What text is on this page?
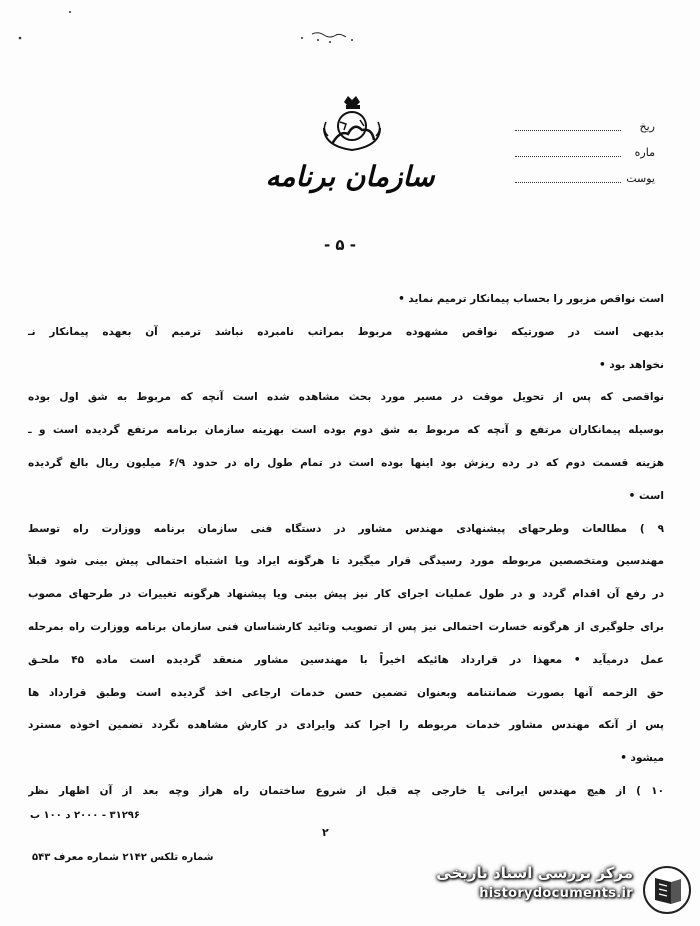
سازمان برنامه
ریخ
ماره
یوست
- ۵ -
است نواقص مزبور را بحساب پیمانکار ترمیم نماید •
بدیهی است در صورتیکه نواقص مشهوده مربوط بمراتب نامبرده نباشد ترمیم آن بعهده پیمانکار نـ
نخواهد بود •
نواقصی که پس از تحویل موقت در مسیر مورد بحث مشاهده شده است آنچه که مربوط به شق اول بوده
بوسیله پیمانکاران مرتفع و آنچه که مربوط به شق دوم بوده است بهزینه سازمان برنامه مرتفع گردیده است و ـ
هزینه قسمت دوم که در رده ریزش بود اینها بوده است در تمام طول راه در حدود ۶/۹ میلیون ریال بالغ گردیده
است •
۹ ) مطالعات وطرحهای پیشنهادی مهندس مشاور در دستگاه فنی سازمان برنامه ووزارت راه توسط
مهندسین ومتخصصین مربوطه مورد رسیدگی قرار میگیرد تا هرگونه ایراد ویا اشتباه احتمالی پیش بینی شود قبلاً
در رفع آن اقدام گردد و در طول عملیات اجرای کار نیز پیش بینی ویا پیشنهاد هرگونه تغییرات در طرحهای مصوب
برای جلوگیری از هرگونه خسارت احتمالی نیز پس از تصویب وتائید کارشناسان فنی سازمان برنامه ووزارت راه بمرحله
عمل درمیآید • معهذا در قرارداد هائیکه اخیراً با مهندسین مشاور منعقد گردیده است ماده ۴۵ ملحـق
حق الزحمه آنها بصورت ضمانتنامه وبعنوان تضمین حسن خدمات ارجاعی اخذ گردیده است وطبق قرارداد ها
پس از آنکه مهندس مشاور خدمات مربوطه را اجرا کند وایرادی در کارش مشاهده نگردد تضمین اخوذه مسترد
میشود •
۱۰ ) از هیچ مهندس ایرانی یا خارجی چه قبل از شروع ساختمان راه هراز وچه بعد از آن اظهار نظر
۳۱۲۹۶ - ۲۰۰۰ د ۱۰۰ ب
۲
شماره تلکس ۲۱۴۲ شماره معرف ۵۴۳
مرکز بررسی اسناد تاریخی
historydocuments.ir
